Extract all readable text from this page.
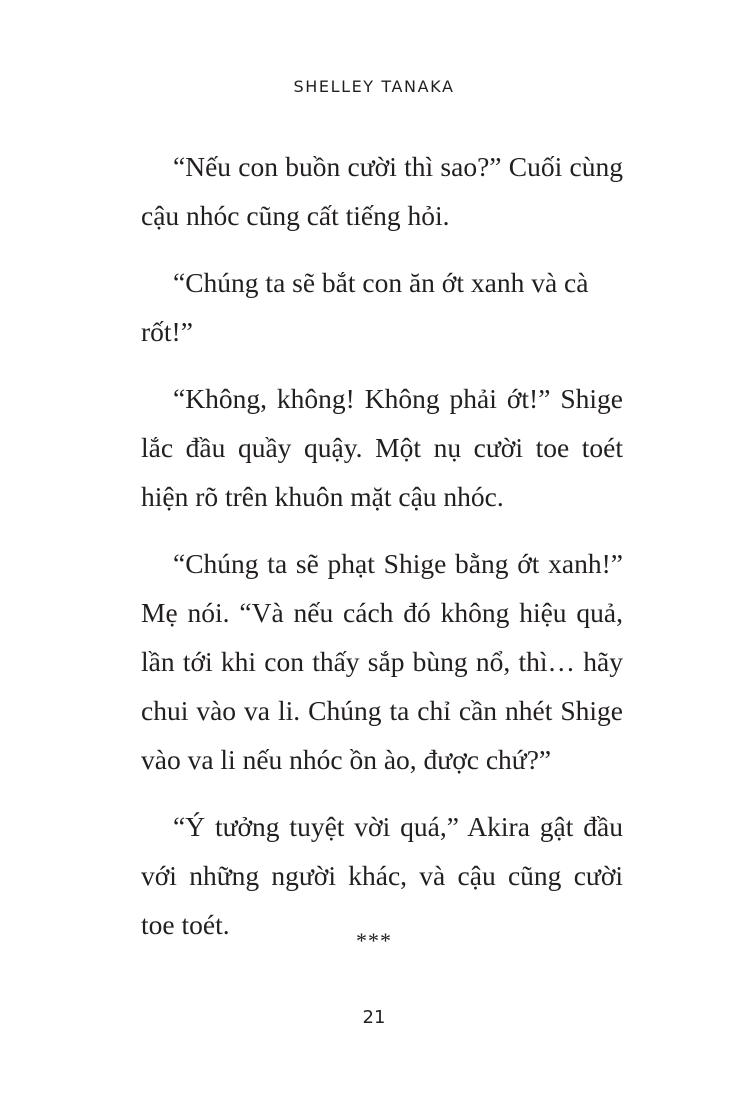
SHELLEY TANAKA

“Nếu con buồn cười thì sao?” Cuối cùng cậu nhóc cũng cất tiếng hỏi.

“Chúng ta sẽ bắt con ăn ớt xanh và cà rốt!”

“Không, không! Không phải ớt!” Shige lắc đầu quầy quậy. Một nụ cười toe toét hiện rõ trên khuôn mặt cậu nhóc.

“Chúng ta sẽ phạt Shige bằng ớt xanh!” Mẹ nói. “Và nếu cách đó không hiệu quả, lần tới khi con thấy sắp bùng nổ, thì… hãy chui vào va li. Chúng ta chỉ cần nhét Shige vào va li nếu nhóc ồn ào, được chứ?”

“Ý tưởng tuyệt vời quá,” Akira gật đầu với những người khác, và cậu cũng cười toe toét.

***
21
